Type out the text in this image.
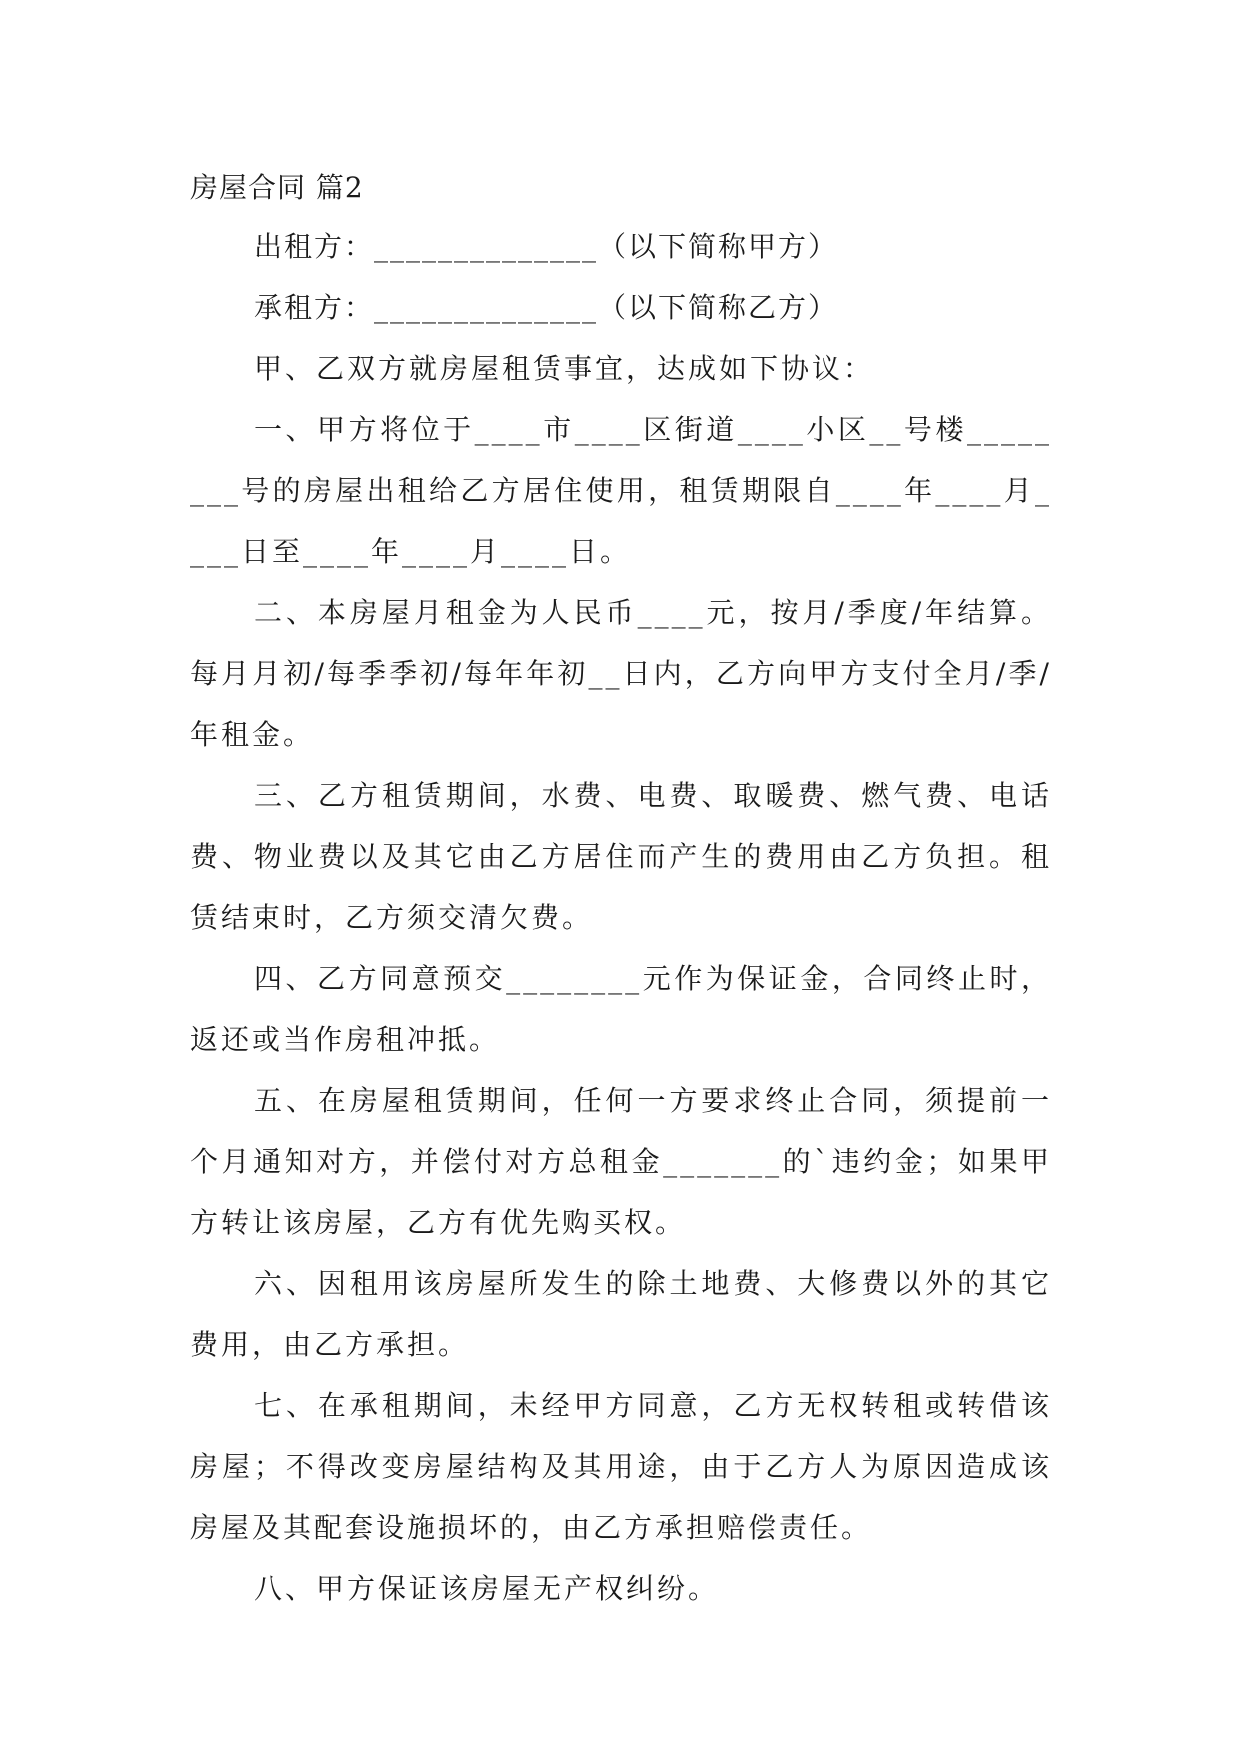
房屋合同 篇2

出租方：______________（以下简称甲方）

承租方：______________（以下简称乙方）

甲、乙双方就房屋租赁事宜，达成如下协议：

一、甲方将位于____市____区街道____小区__号楼________号的房屋出租给乙方居住使用，租赁期限自____年____月____日至____年____月____日。

二、本房屋月租金为人民币____元，按月/季度/年结算。每月月初/每季季初/每年年初__日内，乙方向甲方支付全月/季/年租金。

三、乙方租赁期间，水费、电费、取暖费、燃气费、电话费、物业费以及其它由乙方居住而产生的费用由乙方负担。租赁结束时，乙方须交清欠费。

四、乙方同意预交________元作为保证金，合同终止时，返还或当作房租冲抵。

五、在房屋租赁期间，任何一方要求终止合同，须提前一个月通知对方，并偿付对方总租金_______的`违约金；如果甲方转让该房屋，乙方有优先购买权。

六、因租用该房屋所发生的除土地费、大修费以外的其它费用，由乙方承担。

七、在承租期间，未经甲方同意，乙方无权转租或转借该房屋；不得改变房屋结构及其用途，由于乙方人为原因造成该房屋及其配套设施损坏的，由乙方承担赔偿责任。

八、甲方保证该房屋无产权纠纷。
